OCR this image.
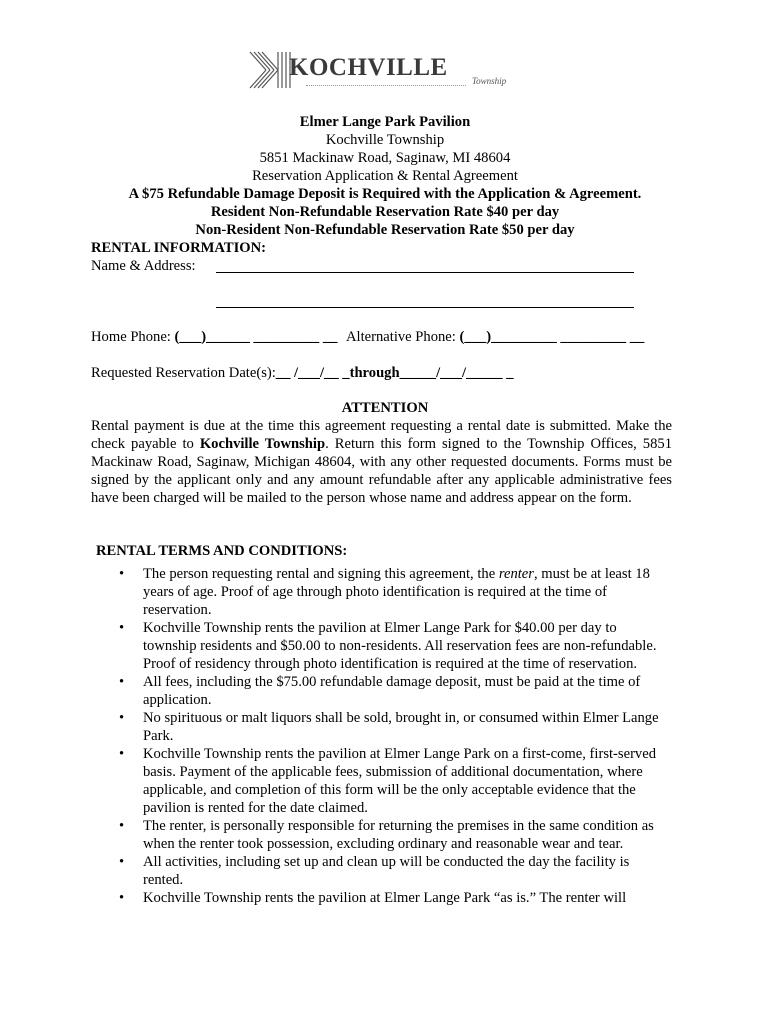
KOCHVILLE	Township
Elmer Lange Park Pavilion
Kochville Township
5851 Mackinaw Road, Saginaw, MI 48604
Reservation Application & Rental Agreement
A $75 Refundable Damage Deposit is Required with the Application & Agreement.
Resident Non-Refundable Reservation Rate $40 per day
Non-Resident Non-Refundable Reservation Rate $50 per day
RENTAL INFORMATION:
Name & Address:
Home Phone: (___)______ _________ __ Alternative Phone: (___)_________ _________ __
Requested Reservation Date(s):__ /___/__ _through_____/___/_____ _
ATTENTION
Rental payment is due at the time this agreement requesting a rental date is submitted. Make the check payable to Kochville Township. Return this form signed to the Township Offices, 5851 Mackinaw Road, Saginaw, Michigan 48604, with any other requested documents. Forms must be signed by the applicant only and any amount refundable after any applicable administrative fees have been charged will be mailed to the person whose name and address appear on the form.
RENTAL TERMS AND CONDITIONS:
• The person requesting rental and signing this agreement, the renter, must be at least 18 years of age. Proof of age through photo identification is required at the time of reservation.
• Kochville Township rents the pavilion at Elmer Lange Park for $40.00 per day to township residents and $50.00 to non-residents. All reservation fees are non-refundable. Proof of residency through photo identification is required at the time of reservation.
• All fees, including the $75.00 refundable damage deposit, must be paid at the time of application.
• No spirituous or malt liquors shall be sold, brought in, or consumed within Elmer Lange Park.
• Kochville Township rents the pavilion at Elmer Lange Park on a first-come, first-served basis. Payment of the applicable fees, submission of additional documentation, where applicable, and completion of this form will be the only acceptable evidence that the pavilion is rented for the date claimed.
• The renter, is personally responsible for returning the premises in the same condition as when the renter took possession, excluding ordinary and reasonable wear and tear.
• All activities, including set up and clean up will be conducted the day the facility is rented.
• Kochville Township rents the pavilion at Elmer Lange Park “as is.” The renter will
